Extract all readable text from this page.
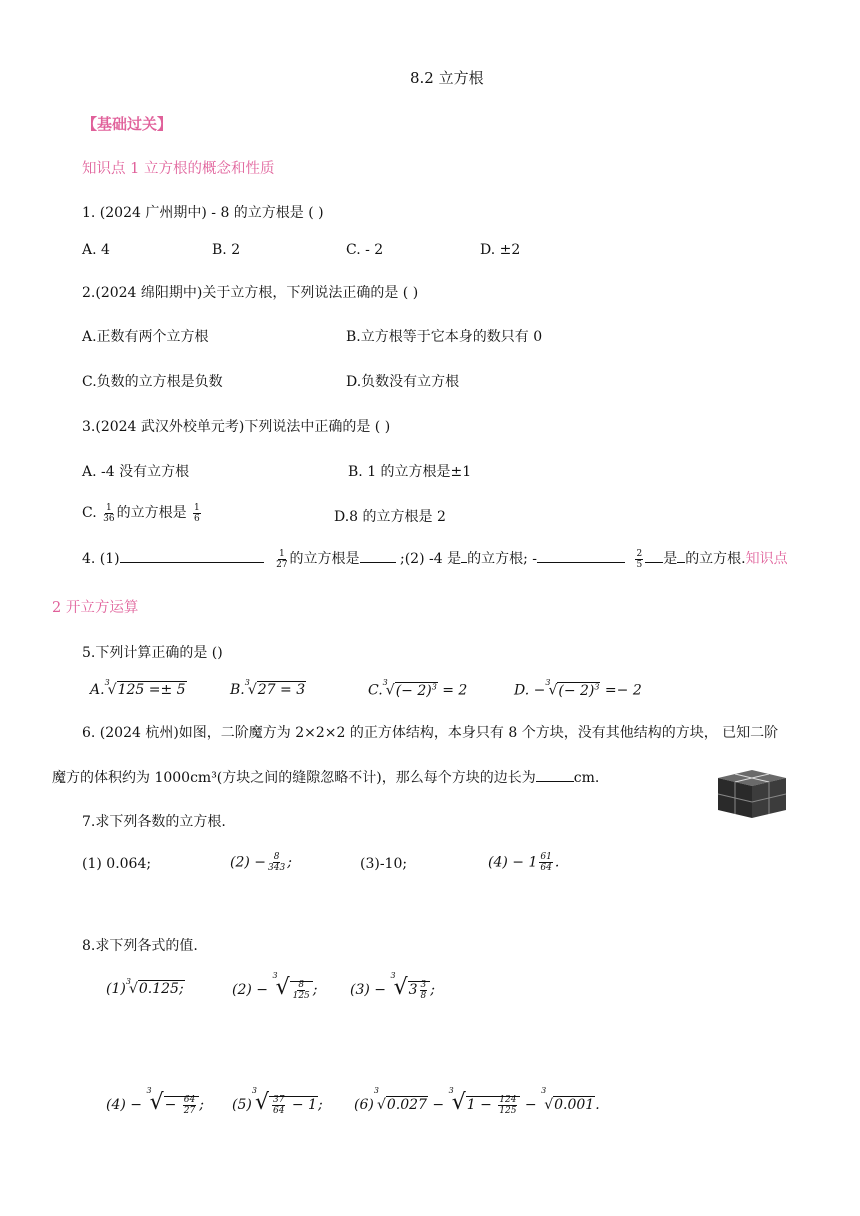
8.2 立方根
【基础过关】
知识点 1 立方根的概念和性质
1. (2024 广州期中) - 8 的立方根是 ( )
A. 4	B. 2	C. - 2	D. ±2
2.(2024 绵阳期中)关于立方根，下列说法正确的是 ( )
A.正数有两个立方根	B.立方根等于它本身的数只有 0
C.负数的立方根是负数	D.负数没有立方根
3.(2024 武汉外校单元考)下列说法中正确的是 ( )
A. -4 没有立方根	B. 1 的立方根是±1
C. $\frac{1}{36}$ 的立方根是 $\frac{1}{6}$	D.8 的立方根是 2
4. (1)	$\frac{1}{27}$ 的立方根是	;(2) -4 是 的立方根; -	$\frac{2}{5}$ 是 的立方根.知识点
2 开立方运算
5.下列计算正确的是 ()
A.$^3$√125 =± 5	B.$^3$√27 = 3	$C.^3√(- 2)^3 = 2$	D. $-^3√(- 2)^3 =- 2$
6. (2024 杭州)如图，二阶魔方为 2×2×2 的正方体结构，本身只有 8 个方块，没有其他结构的方块， 已知二阶
魔方的体积约为 1000cm³(方块之间的缝隙忽略不计)，那么每个方块的边长为	cm.
7.求下列各数的立方根.
(1) 0.064;	$(2) - \frac{8}{343}$ ;	(3)-10;	$(4) - 1 \frac{61}{64}$ .
8.求下列各式的值.
$(1)^3√0.125$;	$(2) - ^3√ \frac{8}{125}$ ; $(3) - ^3√3 \frac{3}{8}$ ;
$(4) - ^3√- \frac{64}{27}$ ; $(5)^3√ \frac{37}{64} - 1$; $(6)^3√0.027 - ^3√1 - \frac{124}{125} - ^3√0.001$.
